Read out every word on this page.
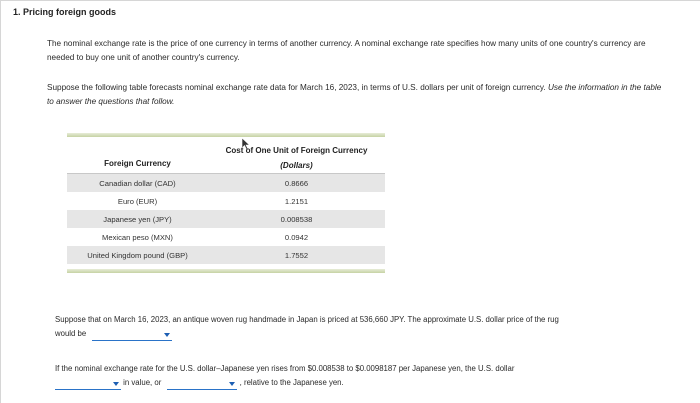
1. Pricing foreign goods
The nominal exchange rate is the price of one currency in terms of another currency. A nominal exchange rate specifies how many units of one country's currency are needed to buy one unit of another country's currency.
Suppose the following table forecasts nominal exchange rate data for March 16, 2023, in terms of U.S. dollars per unit of foreign currency. Use the information in the table to answer the questions that follow.
Cost of One Unit of Foreign Currency
Foreign Currency	(Dollars)
Canadian dollar (CAD)	0.8666
Euro (EUR)	1.2151
Japanese yen (JPY)	0.008538
Mexican peso (MXN)	0.0942
United Kingdom pound (GBP)	1.7552
Suppose that on March 16, 2023, an antique woven rug handmade in Japan is priced at 536,660 JPY. The approximate U.S. dollar price of the rug
would be
If the nominal exchange rate for the U.S. dollar–Japanese yen rises from $0.008538 to $0.0098187 per Japanese yen, the U.S. dollar

in value, or	, relative to the Japanese yen.
